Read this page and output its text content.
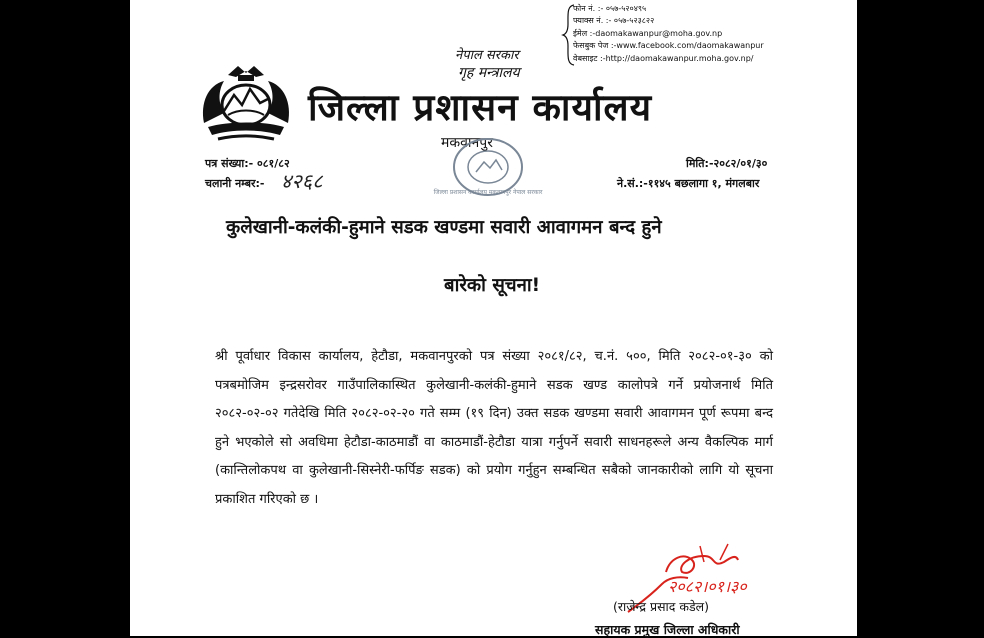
फोन नं. :- ०५७-५२०४९५
फ्याक्स नं. :- ०५७-५२३८२२
ईमेल :-daomakawanpur@moha.gov.np
फेसबुक पेज :-www.facebook.com/daomakawanpur
वेबसाइट :-http://daomakawanpur.moha.gov.np/
नेपाल सरकार
गृह मन्त्रालय
जिल्ला प्रशासन कार्यालय
मकवानपुर
जिल्ला प्रशासन कार्यालय मकवानपुर नेपाल सरकार
पत्र संख्या:- ०८१/८२
चलानी नम्बर:- ४२६८
मिति:-२०८२/०१/३०
ने.सं.:-११४५ बछलागा १, मंगलबार
कुलेखानी-कलंकी-हुमाने सडक खण्डमा सवारी आवागमन बन्द हुने
बारेको सूचना!
श्री पूर्वाधार विकास कार्यालय, हेटौडा, मकवानपुरको पत्र संख्या २०८१/८२, च.नं. ५००, मिति २०८२-०१-३० को पत्रबमोजिम इन्द्रसरोवर गाउँपालिकास्थित कुलेखानी-कलंकी-हुमाने सडक खण्ड कालोपत्रे गर्ने प्रयोजनार्थ मिति २०८२-०२-०२ गतेदेखि मिति २०८२-०२-२० गते सम्म (१९ दिन) उक्त सडक खण्डमा सवारी आवागमन पूर्ण रूपमा बन्द हुने भएकोले सो अवधिमा हेटौडा-काठमाडौं वा काठमाडौं-हेटौडा यात्रा गर्नुपर्ने सवारी साधनहरूले अन्य वैकल्पिक मार्ग (कान्तिलोकपथ वा कुलेखानी-सिस्नेरी-फर्पिङ सडक) को प्रयोग गर्नुहुन सम्बन्धित सबैको जानकारीको लागि यो सूचना प्रकाशित गरिएको छ ।
२०८२।०१।३०
(राजेन्द्र प्रसाद कडेल)
सहायक प्रमुख जिल्ला अधिकारी
